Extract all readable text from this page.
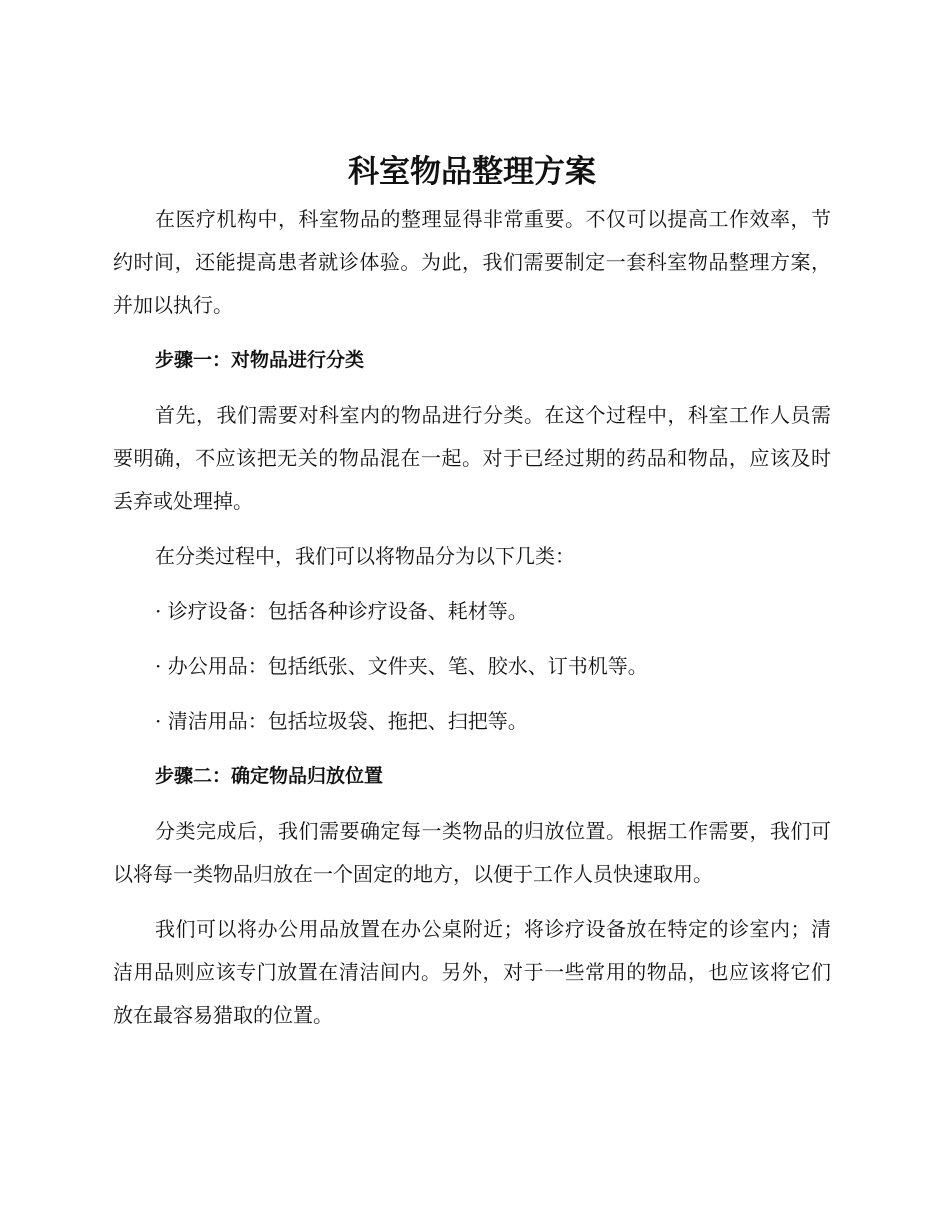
科室物品整理方案

在医疗机构中，科室物品的整理显得非常重要。不仅可以提高工作效率，节约时间，还能提高患者就诊体验。为此，我们需要制定一套科室物品整理方案，并加以执行。

步骤一：对物品进行分类

首先，我们需要对科室内的物品进行分类。在这个过程中，科室工作人员需要明确，不应该把无关的物品混在一起。对于已经过期的药品和物品，应该及时丢弃或处理掉。

在分类过程中，我们可以将物品分为以下几类：

· 诊疗设备：包括各种诊疗设备、耗材等。

· 办公用品：包括纸张、文件夹、笔、胶水、订书机等。

· 清洁用品：包括垃圾袋、拖把、扫把等。

步骤二：确定物品归放位置

分类完成后，我们需要确定每一类物品的归放位置。根据工作需要，我们可以将每一类物品归放在一个固定的地方，以便于工作人员快速取用。

我们可以将办公用品放置在办公桌附近；将诊疗设备放在特定的诊室内；清洁用品则应该专门放置在清洁间内。另外，对于一些常用的物品，也应该将它们放在最容易猎取的位置。
